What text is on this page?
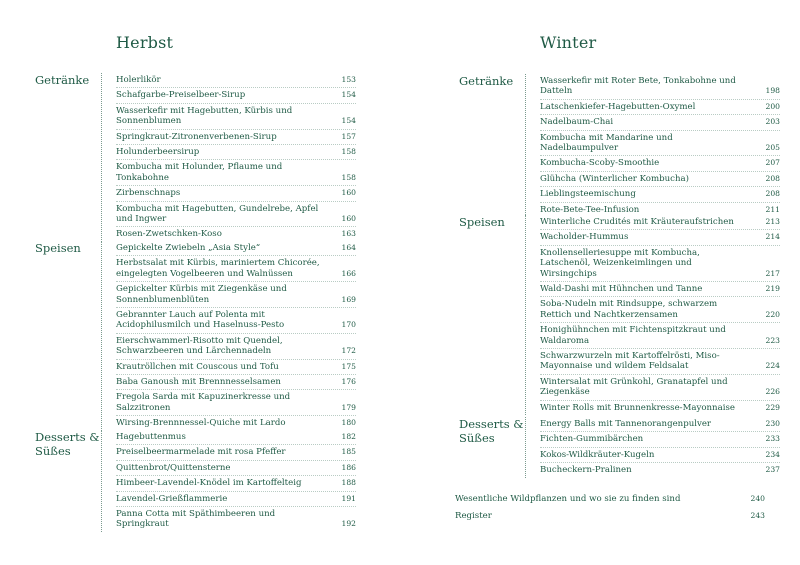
Herbst	Winter
Getränke	Holerlikör	153
Schafgarbe-Preiselbeer-Sirup	154
Wasserkefir mit Hagebutten, Kürbis und Sonnenblumen	154
Springkraut-Zitronenverbenen-Sirup	157
Holunderbeersirup	158
Kombucha mit Holunder, Pflaume und Tonkabohne	158
Zirbenschnaps	160
Kombucha mit Hagebutten, Gundelrebe, Apfel und Ingwer	160
Rosen-Zwetschken-Koso	163
Speisen	Gepickelte Zwiebeln „Asia Style“	164
Herbstsalat mit Kürbis, mariniertem Chicorée, eingelegten Vogelbeeren und Walnüssen	166
Gepickelter Kürbis mit Ziegenkäse und Sonnenblumenblüten	169
Gebrannter Lauch auf Polenta mit Acidophilusmilch und Haselnuss-Pesto	170
Eierschwammerl-Risotto mit Quendel, Schwarzbeeren und Lärchennadeln	172
Krautröllchen mit Couscous und Tofu	175
Baba Ganoush mit Brennnesselsamen	176
Fregola Sarda mit Kapuzinerkresse und Salzzitronen	179
Wirsing-Brennnessel-Quiche mit Lardo	180
Desserts & Süßes
Hagebuttenmus	182
Preiselbeermarmelade mit rosa Pfeffer	185
Quittenbrot/Quittensterne	186
Himbeer-Lavendel-Knödel im Kartoffelteig	188
Lavendel-Grießflammerie	191
Panna Cotta mit Späthimbeeren und Springkraut	192
Getränke	Wasserkefir mit Roter Bete, Tonkabohne und Datteln	198
Latschenkiefer-Hagebutten-Oxymel	200
Nadelbaum-Chai	203
Kombucha mit Mandarine und Nadelbaumpulver	205
Kombucha-Scoby-Smoothie	207
Glühcha (Winterlicher Kombucha)	208
Lieblingsteemischung	208
Rote-Bete-Tee-Infusion	211
Speisen	Winterliche Crudités mit Kräuteraufstrichen	213
Wacholder-Hummus	214
Knollenselleriesuppe mit Kombucha, Latschenöl, Weizenkeimlingen und Wirsingchips	217
Wald-Dashi mit Hühnchen und Tanne	219
Soba-Nudeln mit Rindsuppe, schwarzem Rettich und Nachtkerzensamen	220
Honighühnchen mit Fichtenspitzkraut und Waldaroma	223
Schwarzwurzeln mit Kartoffelrösti, Miso-Mayonnaise und wildem Feldsalat	224
Wintersalat mit Grünkohl, Granatapfel und Ziegenkäse	226
Winter Rolls mit Brunnenkresse-Mayonnaise	229
Desserts & Süßes
Energy Balls mit Tannenorangenpulver	230
Fichten-Gummibärchen	233
Kokos-Wildkräuter-Kugeln	234
Bucheckern-Pralinen	237
Wesentliche Wildpflanzen und wo sie zu finden sind	240
Register	243
